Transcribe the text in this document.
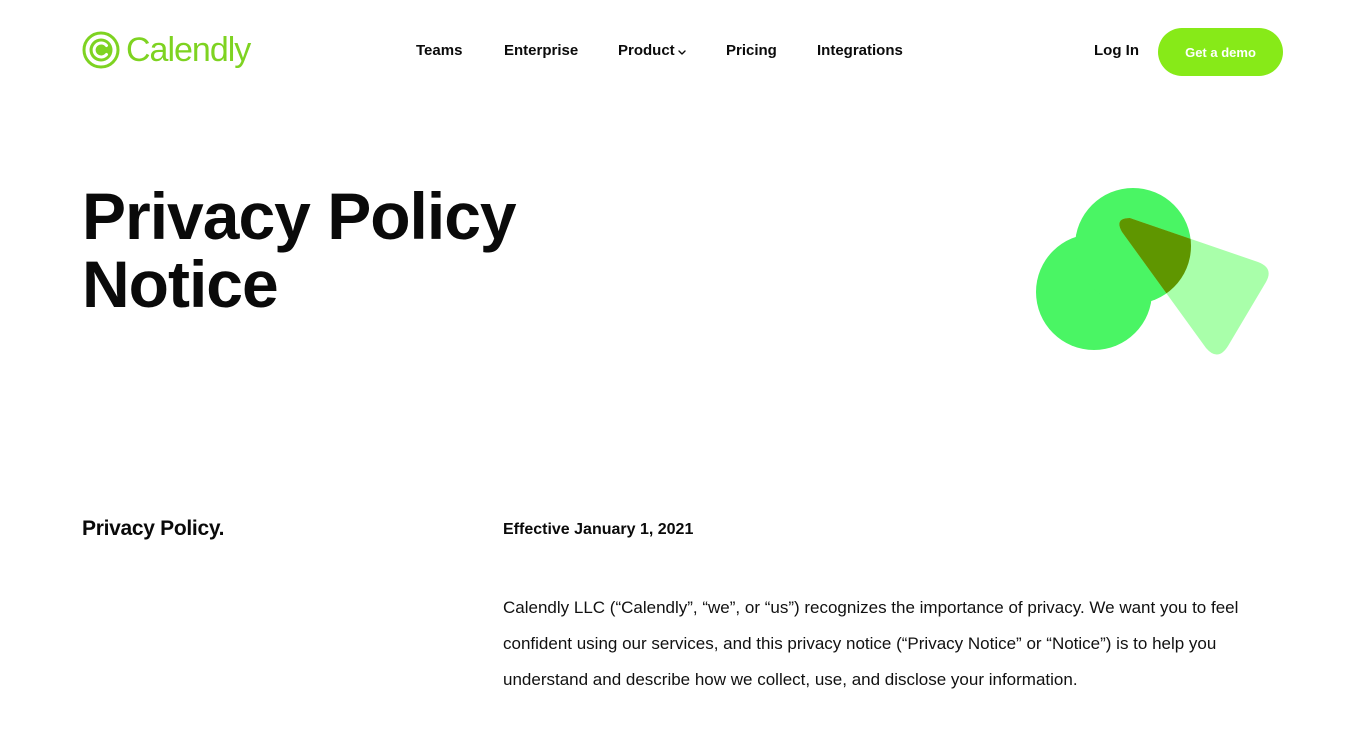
Calendly	Teams	Enterprise	Product	Pricing	Integrations	Log In	Get a demo
Privacy Policy
Notice
Privacy Policy.	Effective January 1, 2021

Calendly LLC (“Calendly”, “we”, or “us”) recognizes the importance of privacy. We want you to feel confident using our services, and this privacy notice (“Privacy Notice” or “Notice”) is to help you understand and describe how we collect, use, and disclose your information.
